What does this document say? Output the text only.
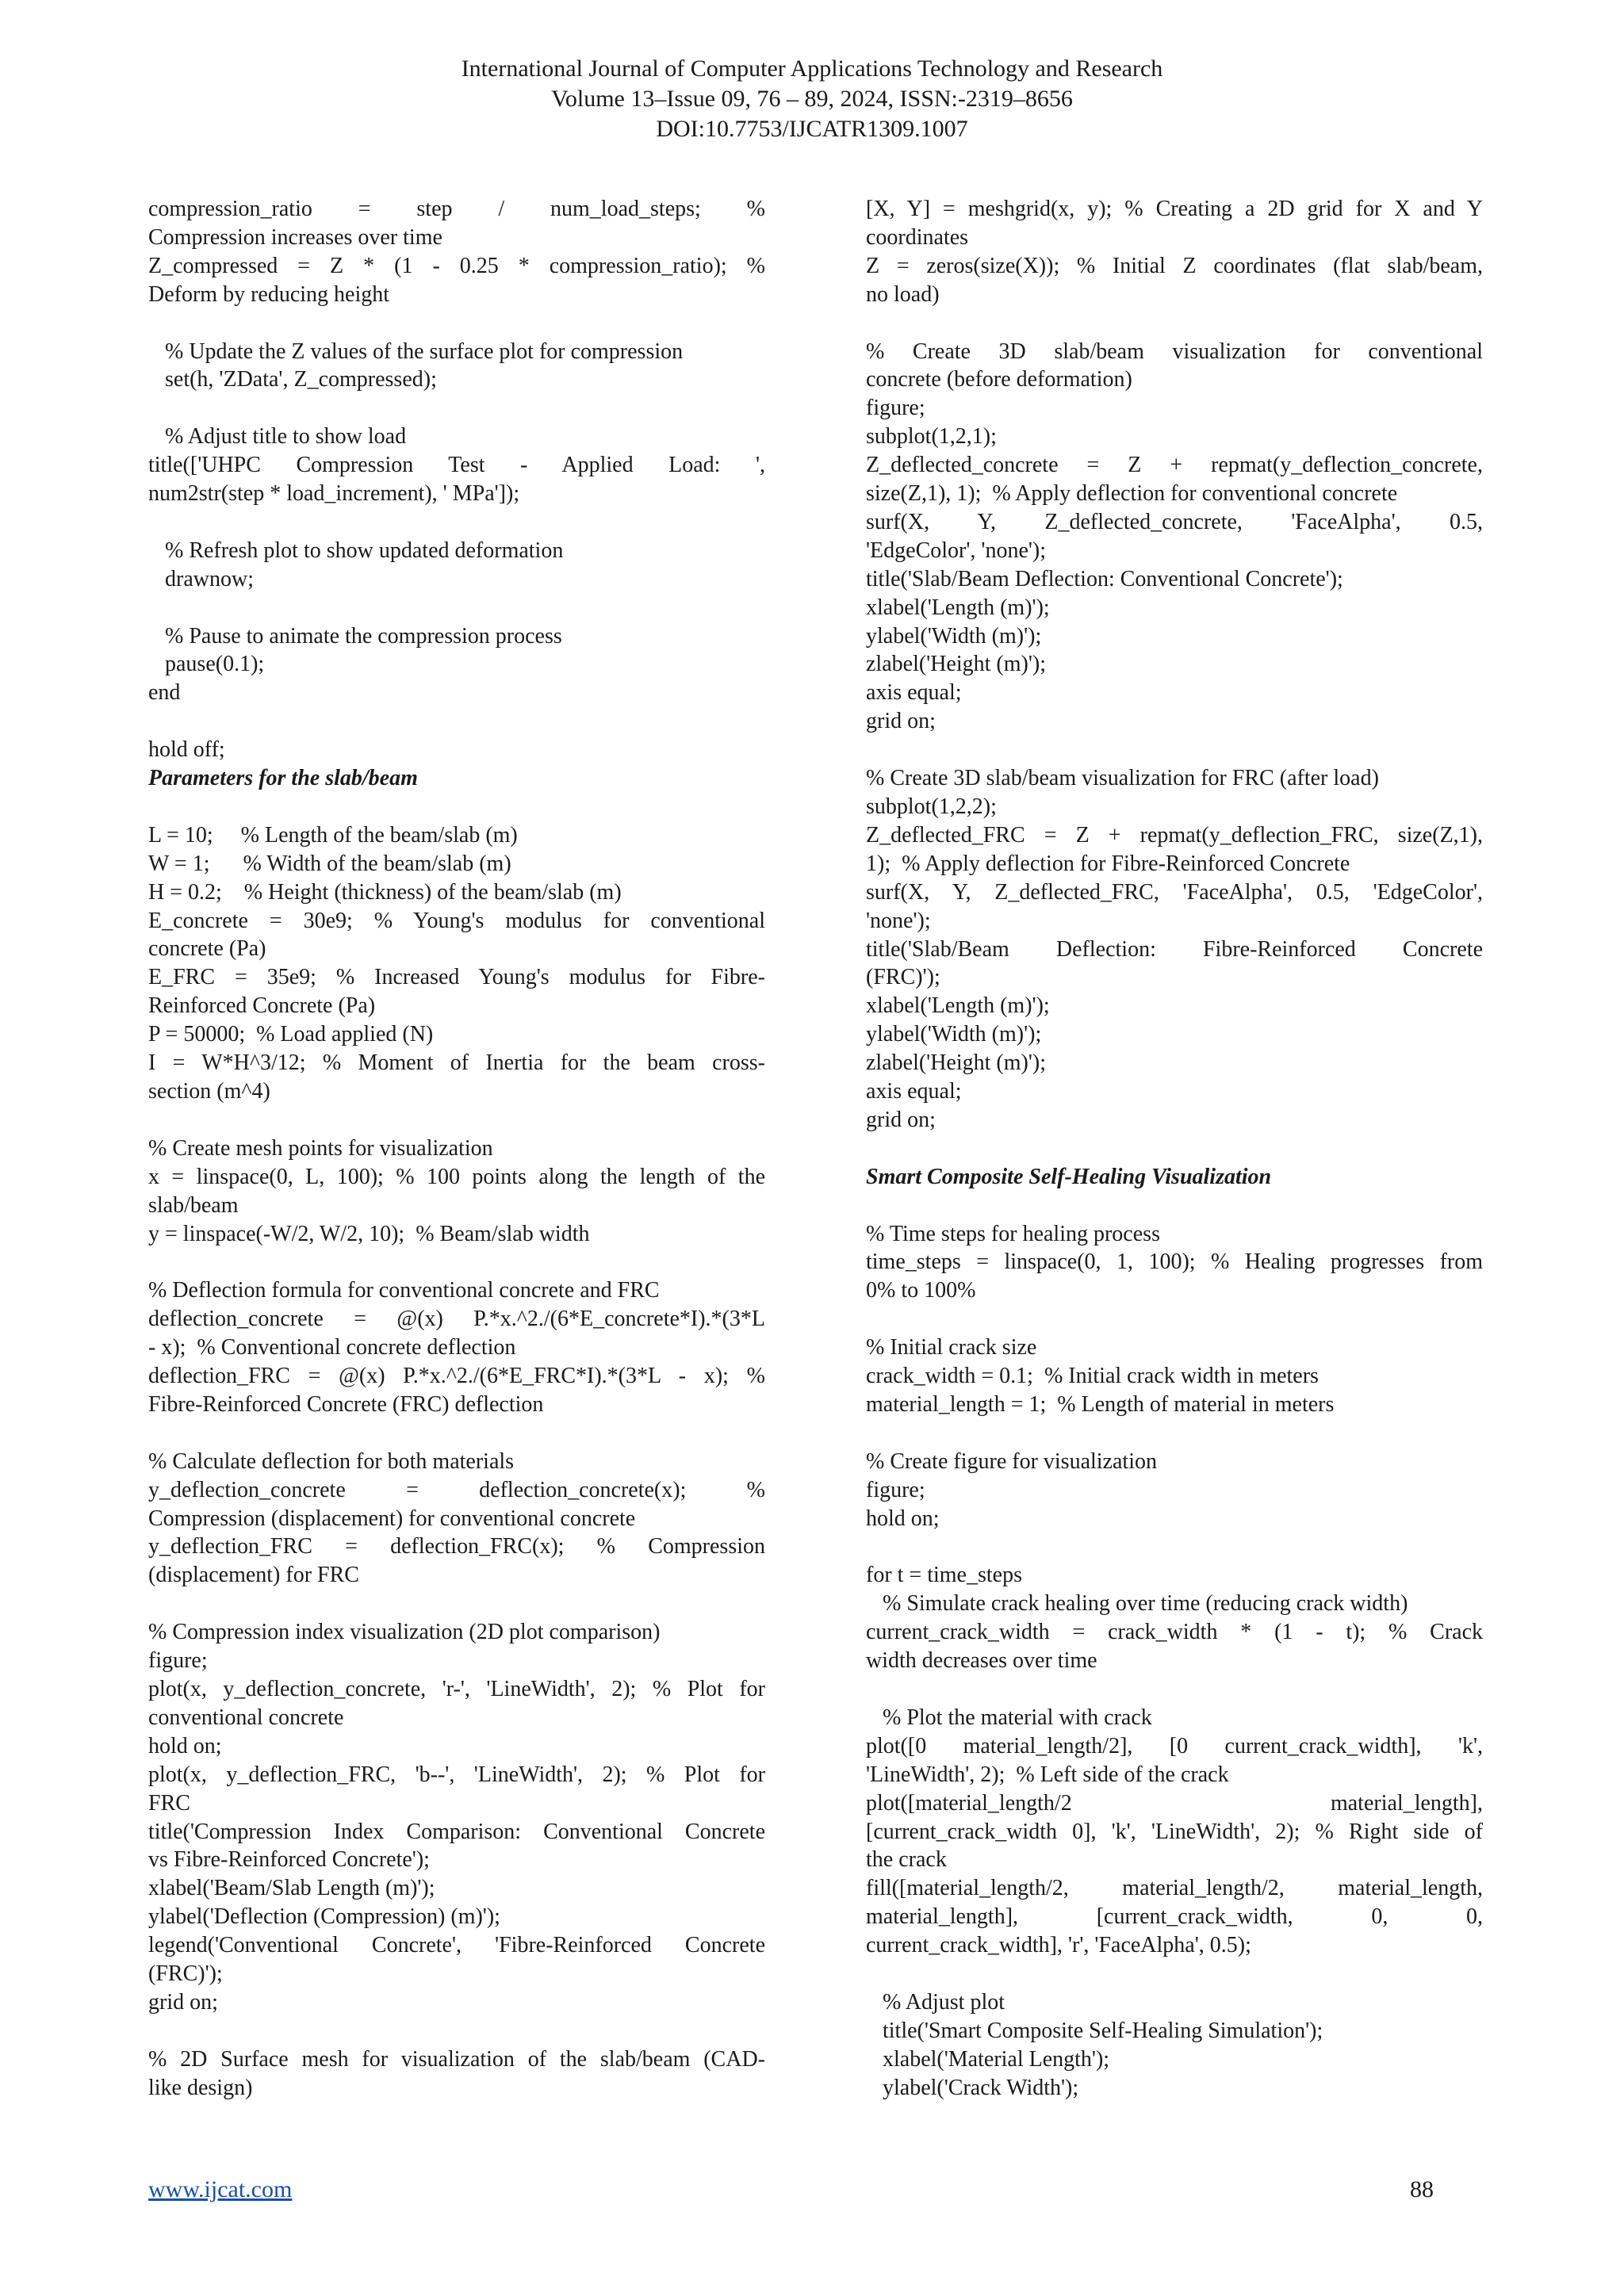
International Journal of Computer Applications Technology and Research
Volume 13–Issue 09, 76 – 89, 2024, ISSN:-2319–8656
DOI:10.7753/IJCATR1309.1007
compression_ratio = step / num_load_steps; %
Compression increases over time
Z_compressed = Z * (1 - 0.25 * compression_ratio); %
Deform by reducing height
% Update the Z values of the surface plot for compression
set(h, 'ZData', Z_compressed);
% Adjust title to show load
title(['UHPC Compression Test - Applied Load: ',
num2str(step * load_increment), ' MPa']);
% Refresh plot to show updated deformation
drawnow;
% Pause to animate the compression process
pause(0.1);
end
hold off;
Parameters for the slab/beam
L = 10;     % Length of the beam/slab (m)
W = 1;      % Width of the beam/slab (m)
H = 0.2;    % Height (thickness) of the beam/slab (m)
E_concrete = 30e9; % Young's modulus for conventional
concrete (Pa)
E_FRC = 35e9; % Increased Young's modulus for Fibre-
Reinforced Concrete (Pa)
P = 50000;  % Load applied (N)
I = W*H^3/12; % Moment of Inertia for the beam cross-
section (m^4)
% Create mesh points for visualization
x = linspace(0, L, 100); % 100 points along the length of the
slab/beam
y = linspace(-W/2, W/2, 10);  % Beam/slab width
% Deflection formula for conventional concrete and FRC
deflection_concrete = @(x) P.*x.^2./(6*E_concrete*I).*(3*L
- x);  % Conventional concrete deflection
deflection_FRC = @(x) P.*x.^2./(6*E_FRC*I).*(3*L - x); %
Fibre-Reinforced Concrete (FRC) deflection
% Calculate deflection for both materials
y_deflection_concrete = deflection_concrete(x); %
Compression (displacement) for conventional concrete
y_deflection_FRC = deflection_FRC(x); % Compression
(displacement) for FRC
% Compression index visualization (2D plot comparison)
figure;
plot(x, y_deflection_concrete, 'r-', 'LineWidth', 2); % Plot for
conventional concrete
hold on;
plot(x, y_deflection_FRC, 'b--', 'LineWidth', 2); % Plot for
FRC
title('Compression Index Comparison: Conventional Concrete
vs Fibre-Reinforced Concrete');
xlabel('Beam/Slab Length (m)');
ylabel('Deflection (Compression) (m)');
legend('Conventional Concrete', 'Fibre-Reinforced Concrete
(FRC)');
grid on;
% 2D Surface mesh for visualization of the slab/beam (CAD-
like design)
[X, Y] = meshgrid(x, y); % Creating a 2D grid for X and Y
coordinates
Z = zeros(size(X)); % Initial Z coordinates (flat slab/beam,
no load)
% Create 3D slab/beam visualization for conventional
concrete (before deformation)
figure;
subplot(1,2,1);
Z_deflected_concrete = Z + repmat(y_deflection_concrete,
size(Z,1), 1);  % Apply deflection for conventional concrete
surf(X, Y, Z_deflected_concrete, 'FaceAlpha', 0.5,
'EdgeColor', 'none');
title('Slab/Beam Deflection: Conventional Concrete');
xlabel('Length (m)');
ylabel('Width (m)');
zlabel('Height (m)');
axis equal;
grid on;
% Create 3D slab/beam visualization for FRC (after load)
subplot(1,2,2);
Z_deflected_FRC = Z + repmat(y_deflection_FRC, size(Z,1),
1);  % Apply deflection for Fibre-Reinforced Concrete
surf(X, Y, Z_deflected_FRC, 'FaceAlpha', 0.5, 'EdgeColor',
'none');
title('Slab/Beam Deflection: Fibre-Reinforced Concrete
(FRC)');
xlabel('Length (m)');
ylabel('Width (m)');
zlabel('Height (m)');
axis equal;
grid on;
Smart Composite Self-Healing Visualization
% Time steps for healing process
time_steps = linspace(0, 1, 100); % Healing progresses from
0% to 100%
% Initial crack size
crack_width = 0.1;  % Initial crack width in meters
material_length = 1;  % Length of material in meters
% Create figure for visualization
figure;
hold on;
for t = time_steps
% Simulate crack healing over time (reducing crack width)
current_crack_width = crack_width * (1 - t); % Crack
width decreases over time
% Plot the material with crack
plot([0 material_length/2], [0 current_crack_width], 'k',
'LineWidth', 2);  % Left side of the crack
plot([material_length/2 material_length],
[current_crack_width 0], 'k', 'LineWidth', 2); % Right side of
the crack
fill([material_length/2, material_length/2, material_length,
material_length], [current_crack_width, 0, 0,
current_crack_width], 'r', 'FaceAlpha', 0.5);
% Adjust plot
title('Smart Composite Self-Healing Simulation');
xlabel('Material Length');
ylabel('Crack Width');
www.ijcat.com	88
